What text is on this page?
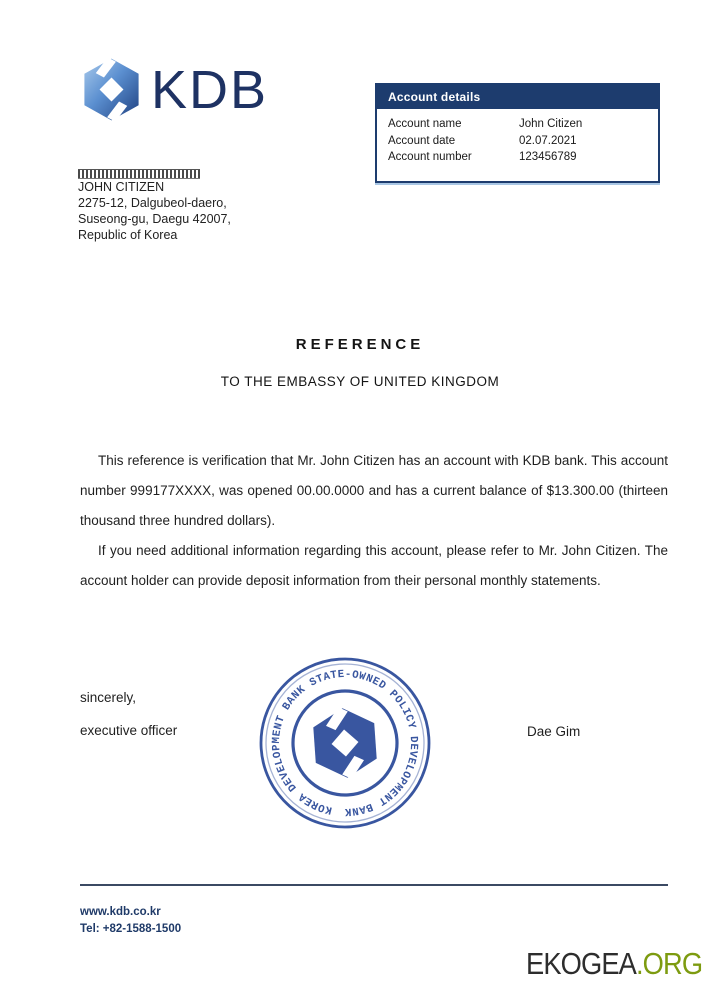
KDB	Account details
Account name	John Citizen
Account date	02.07.2021
Account number	123456789
JOHN CITIZEN
2275-12, Dalgubeol-daero,
Suseong-gu, Daegu 42007,
Republic of Korea
REFERENCE
TO THE EMBASSY OF UNITED KINGDOM

This reference is verification that Mr. John Citizen has an account with KDB bank. This account number 999177XXXX, was opened 00.00.0000 and has a current balance of $13.300.00 (thirteen thousand three hundred dollars).

If you need additional information regarding this account, please refer to Mr. John Citizen. The account holder can provide deposit information from their personal monthly statements.

sincerely,
executive officer	Dae Gim
KOREA DEVELOPMENT BANK STATE-OWNED POLICY DEVELOPMENT BANK
www.kdb.co.kr
Tel: +82-1588-1500
EKOGEA.ORG
